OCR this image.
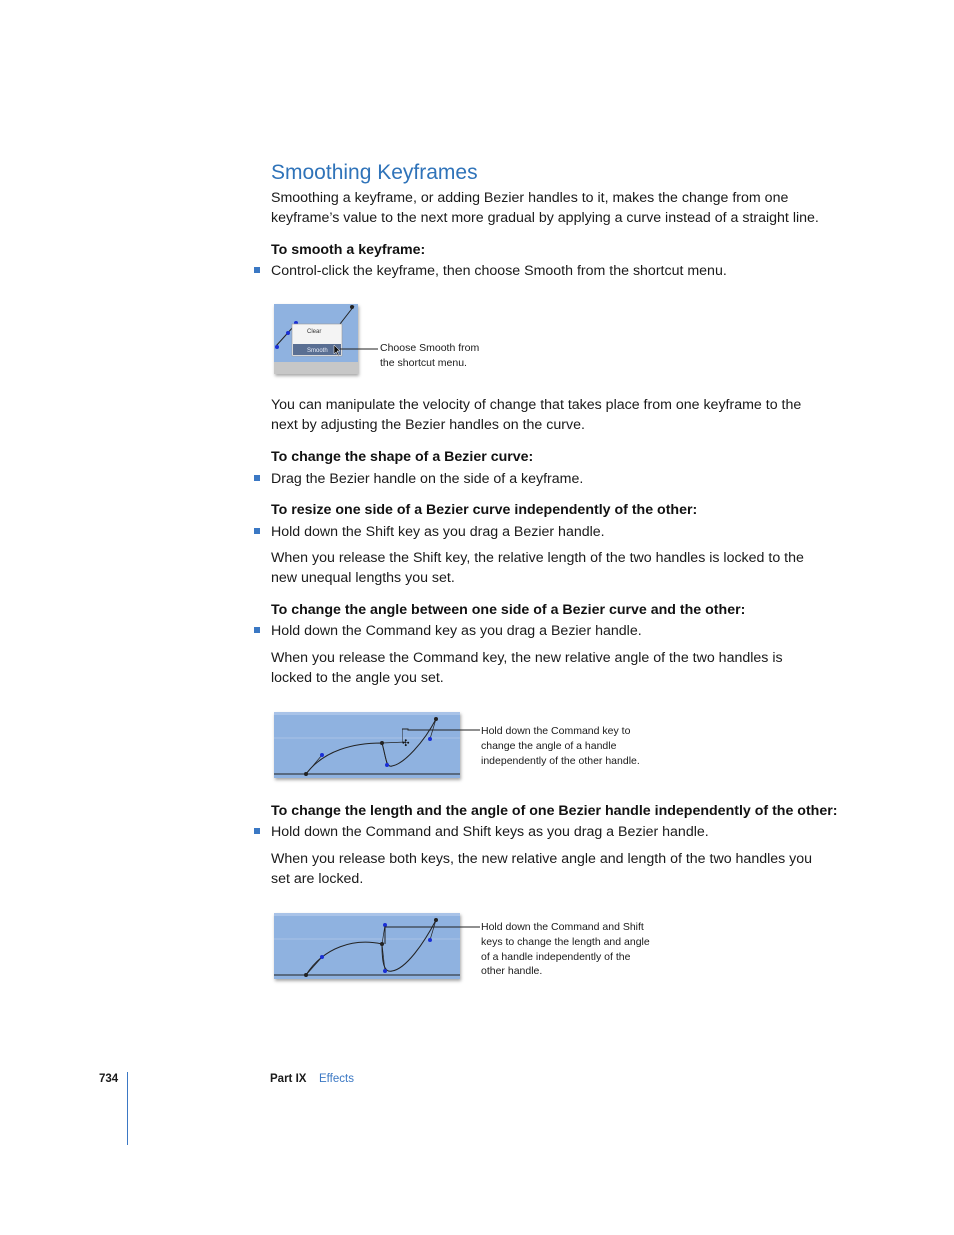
Smoothing Keyframes
Smoothing a keyframe, or adding Bezier handles to it, makes the change from one
keyframe’s value to the next more gradual by applying a curve instead of a straight line.
To smooth a keyframe:
Control-click the keyframe, then choose Smooth from the shortcut menu.
Clear
Smooth	Choose Smooth from
the shortcut menu.
You can manipulate the velocity of change that takes place from one keyframe to the
next by adjusting the Bezier handles on the curve.
To change the shape of a Bezier curve:
Drag the Bezier handle on the side of a keyframe.
To resize one side of a Bezier curve independently of the other:
Hold down the Shift key as you drag a Bezier handle.
When you release the Shift key, the relative length of the two handles is locked to the
new unequal lengths you set.
To change the angle between one side of a Bezier curve and the other:
Hold down the Command key as you drag a Bezier handle.
When you release the Command key, the new relative angle of the two handles is
locked to the angle you set.
✣
Hold down the Command key to
change the angle of a handle
independently of the other handle.
To change the length and the angle of one Bezier handle independently of the other:
Hold down the Command and Shift keys as you drag a Bezier handle.
When you release both keys, the new relative angle and length of the two handles you
set are locked.
Hold down the Command and Shift
keys to change the length and angle
of a handle independently of the
other handle.
734	Part IX Effects
